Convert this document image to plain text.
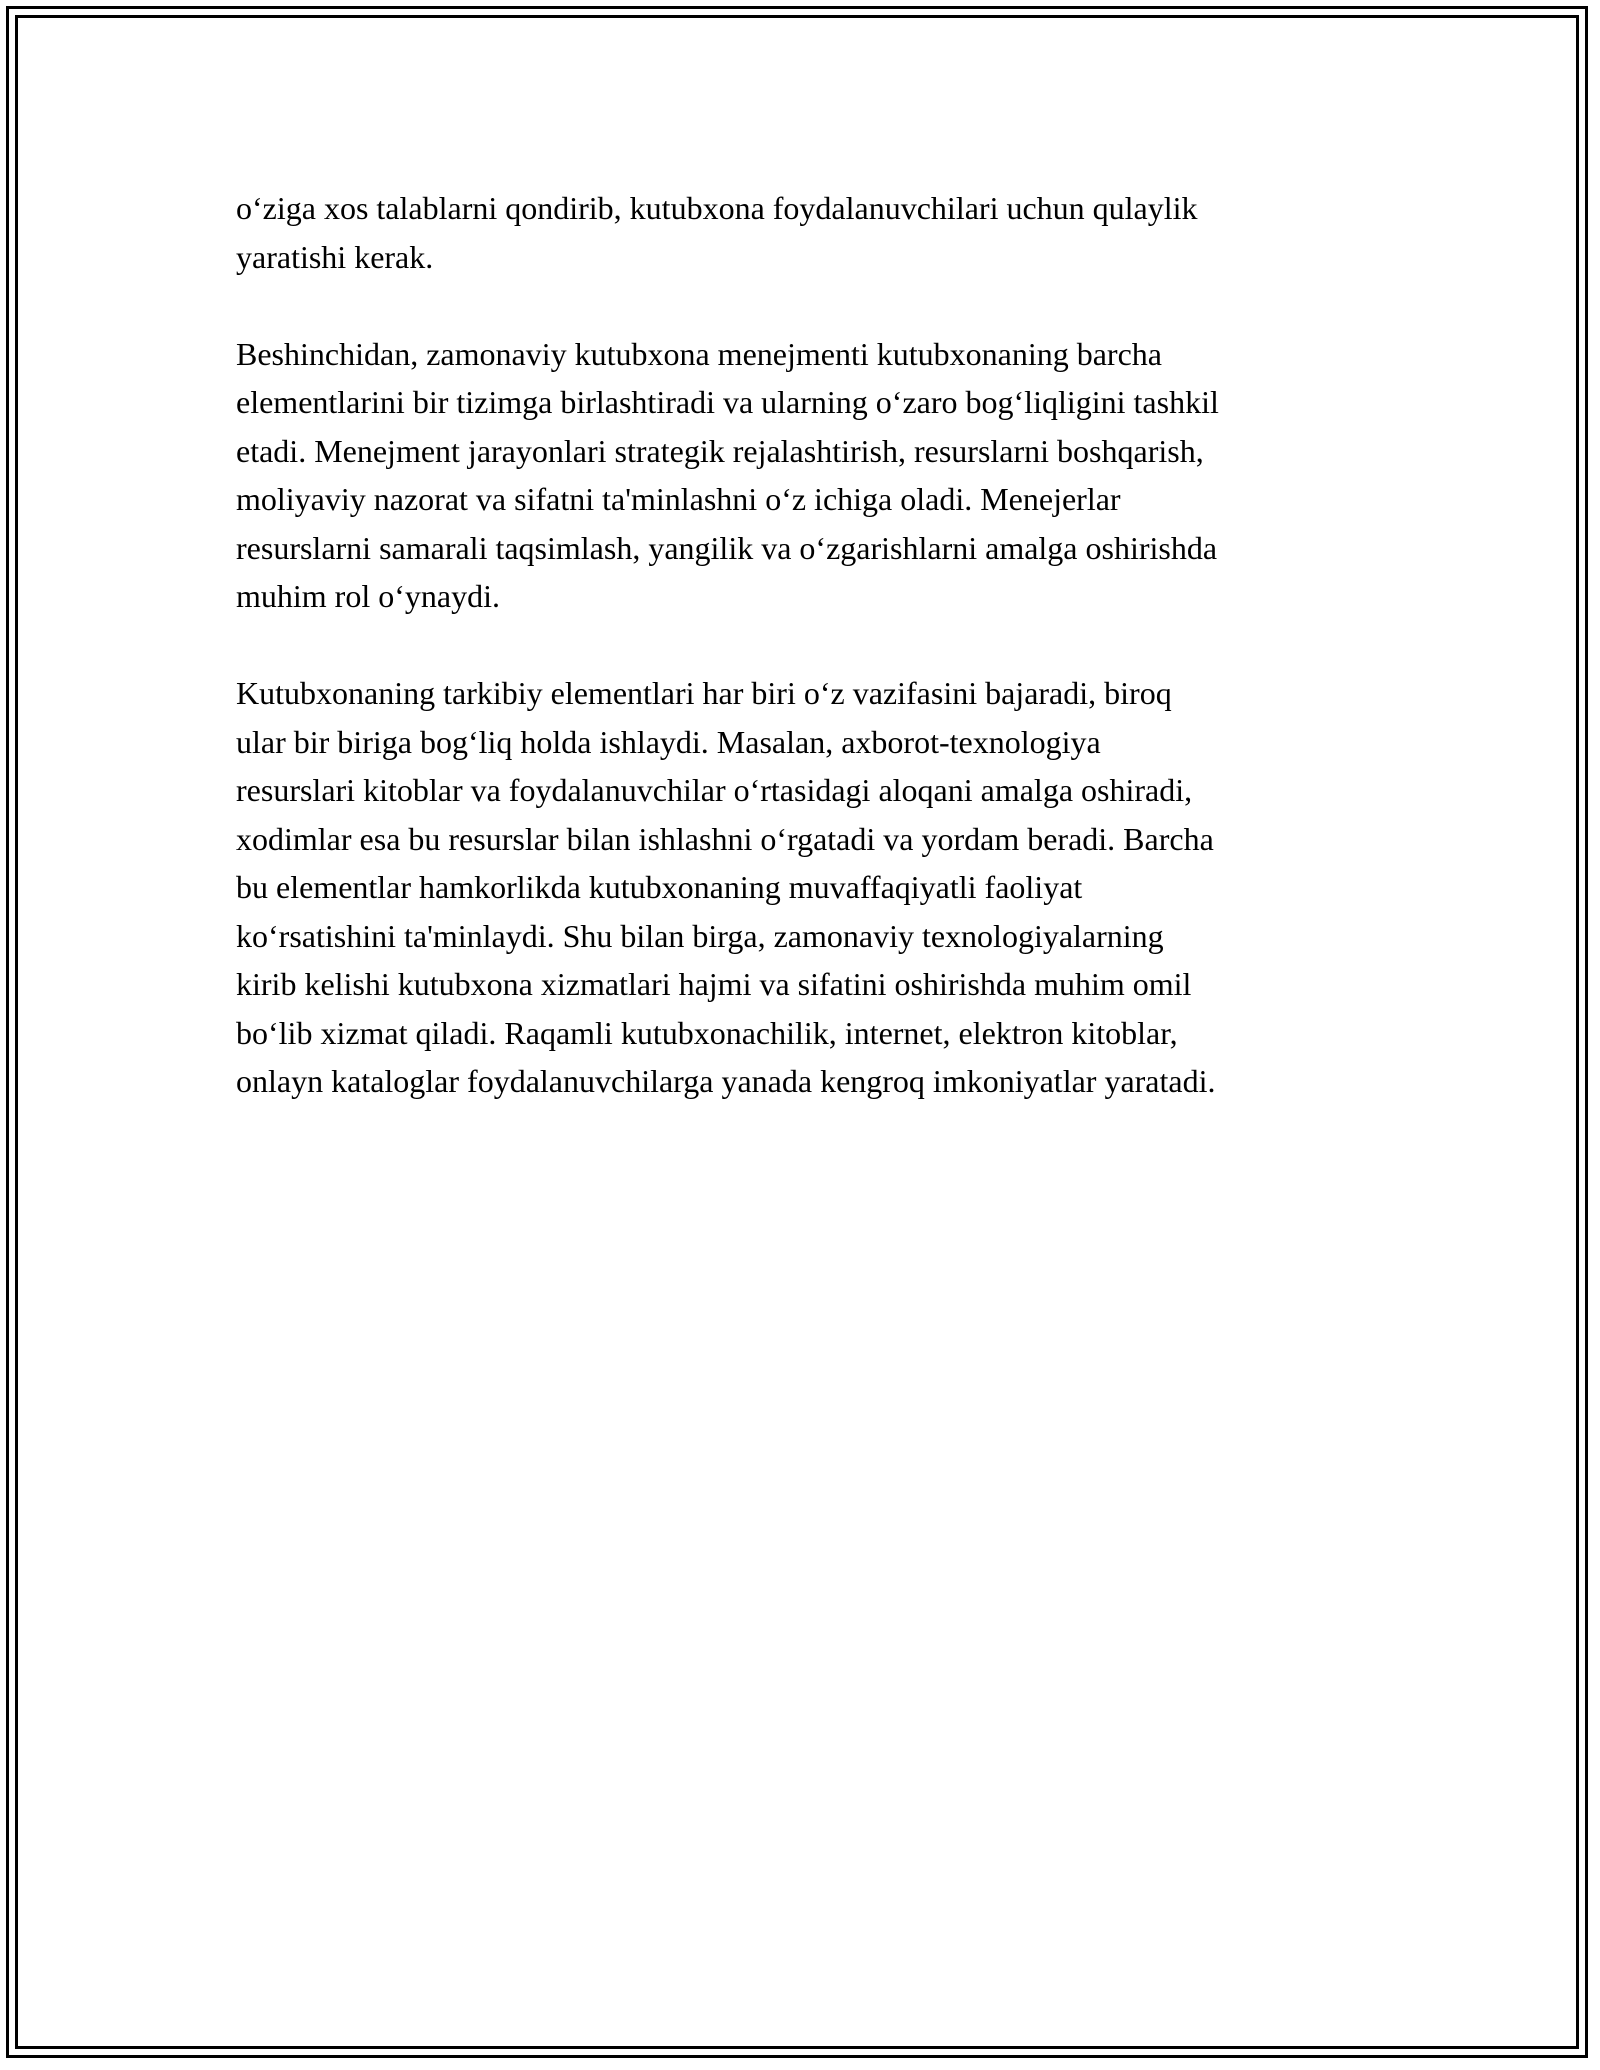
o‘ziga xos talablarni qondirib, kutubxona foydalanuvchilari uchun qulaylik
yaratishi kerak.

Beshinchidan, zamonaviy kutubxona menejmenti kutubxonaning barcha
elementlarini bir tizimga birlashtiradi va ularning o‘zaro bog‘liqligini tashkil
etadi. Menejment jarayonlari strategik rejalashtirish, resurslarni boshqarish,
moliyaviy nazorat va sifatni ta'minlashni o‘z ichiga oladi. Menejerlar
resurslarni samarali taqsimlash, yangilik va o‘zgarishlarni amalga oshirishda
muhim rol o‘ynaydi.

Kutubxonaning tarkibiy elementlari har biri o‘z vazifasini bajaradi, biroq
ular bir biriga bog‘liq holda ishlaydi. Masalan, axborot-texnologiya
resurslari kitoblar va foydalanuvchilar o‘rtasidagi aloqani amalga oshiradi,
xodimlar esa bu resurslar bilan ishlashni o‘rgatadi va yordam beradi. Barcha
bu elementlar hamkorlikda kutubxonaning muvaffaqiyatli faoliyat
ko‘rsatishini ta'minlaydi. Shu bilan birga, zamonaviy texnologiyalarning
kirib kelishi kutubxona xizmatlari hajmi va sifatini oshirishda muhim omil
bo‘lib xizmat qiladi. Raqamli kutubxonachilik, internet, elektron kitoblar,
onlayn kataloglar foydalanuvchilarga yanada kengroq imkoniyatlar yaratadi.
